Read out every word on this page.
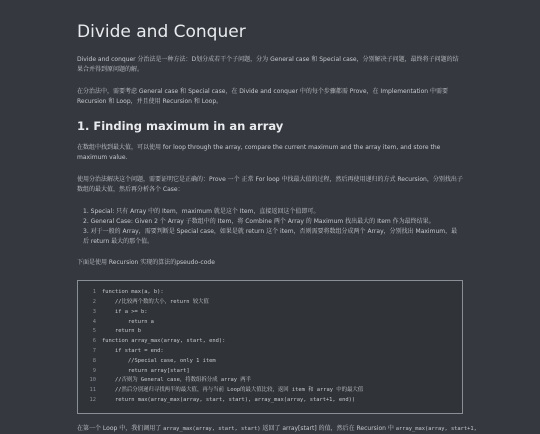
Divide and Conquer

Divide and conquer 分治法是一种方法：D划分成若干个子问题，分为 General case 和 Special case，分别解决子问题，最终将子问题的结果合并得到原问题的解。

在分治法中，需要考虑 General case 和 Special case，在 Divide and conquer 中的每个步骤都需 Prove，在 Implementation 中需要 Recursion 和 Loop，并且使用 Recursion 和 Loop。

1. Finding maximum in an array

在数组中找到最大值，可以使用 for loop through the array, compare the current maximum and the array item, and store the maximum value.

使用分治法解决这个问题，需要证明它是正确的：Prove 一个 正常 For loop 中找最大值的过程，然后再使用递归的方式 Recursion，分别找出子数组的最大值，然后再分析各个 Case：

1. Special: 只有 Array 中的 Item，maximum 就是这个 Item，直接返回这个值即可。
2. General Case: Given 2 个 Array 子数组中的 Item，将 Combine 两个 Array 的 Maximum 找出最大的 Item 作为最终结果。
3. 对于一般的 Array，需要判断是 Special case，如果是就 return 这个 item，否则需要将数组分成两个 Array，分别找出 Maximum，最后 return 最大的那个值。

下面是使用 Recursion 实现的算法的pseudo-code

1 function max(a, b):
2 //比较两个数的大小，return 较大值
3 if a >= b:
4 return a
5 return b
6 function array_max(array, start, end):
7 if start = end:
8 //Special case, only 1 item
9 return array[start]
10 //否则为 General case，将数组拆分成 array 两半
11 //然后分别递归寻找两半的最大值，再与当前 Loop的最大值比较，返回 item 和 array 中的最大值
12 return max(array_max(array, start, start), array_max(array, start+1, end))

在第一个 Loop 中，我们调用了 array_max(array, start, start) 返回了 array[start] 的值，然后在 Recursion 中 array_max(array, start+1,
